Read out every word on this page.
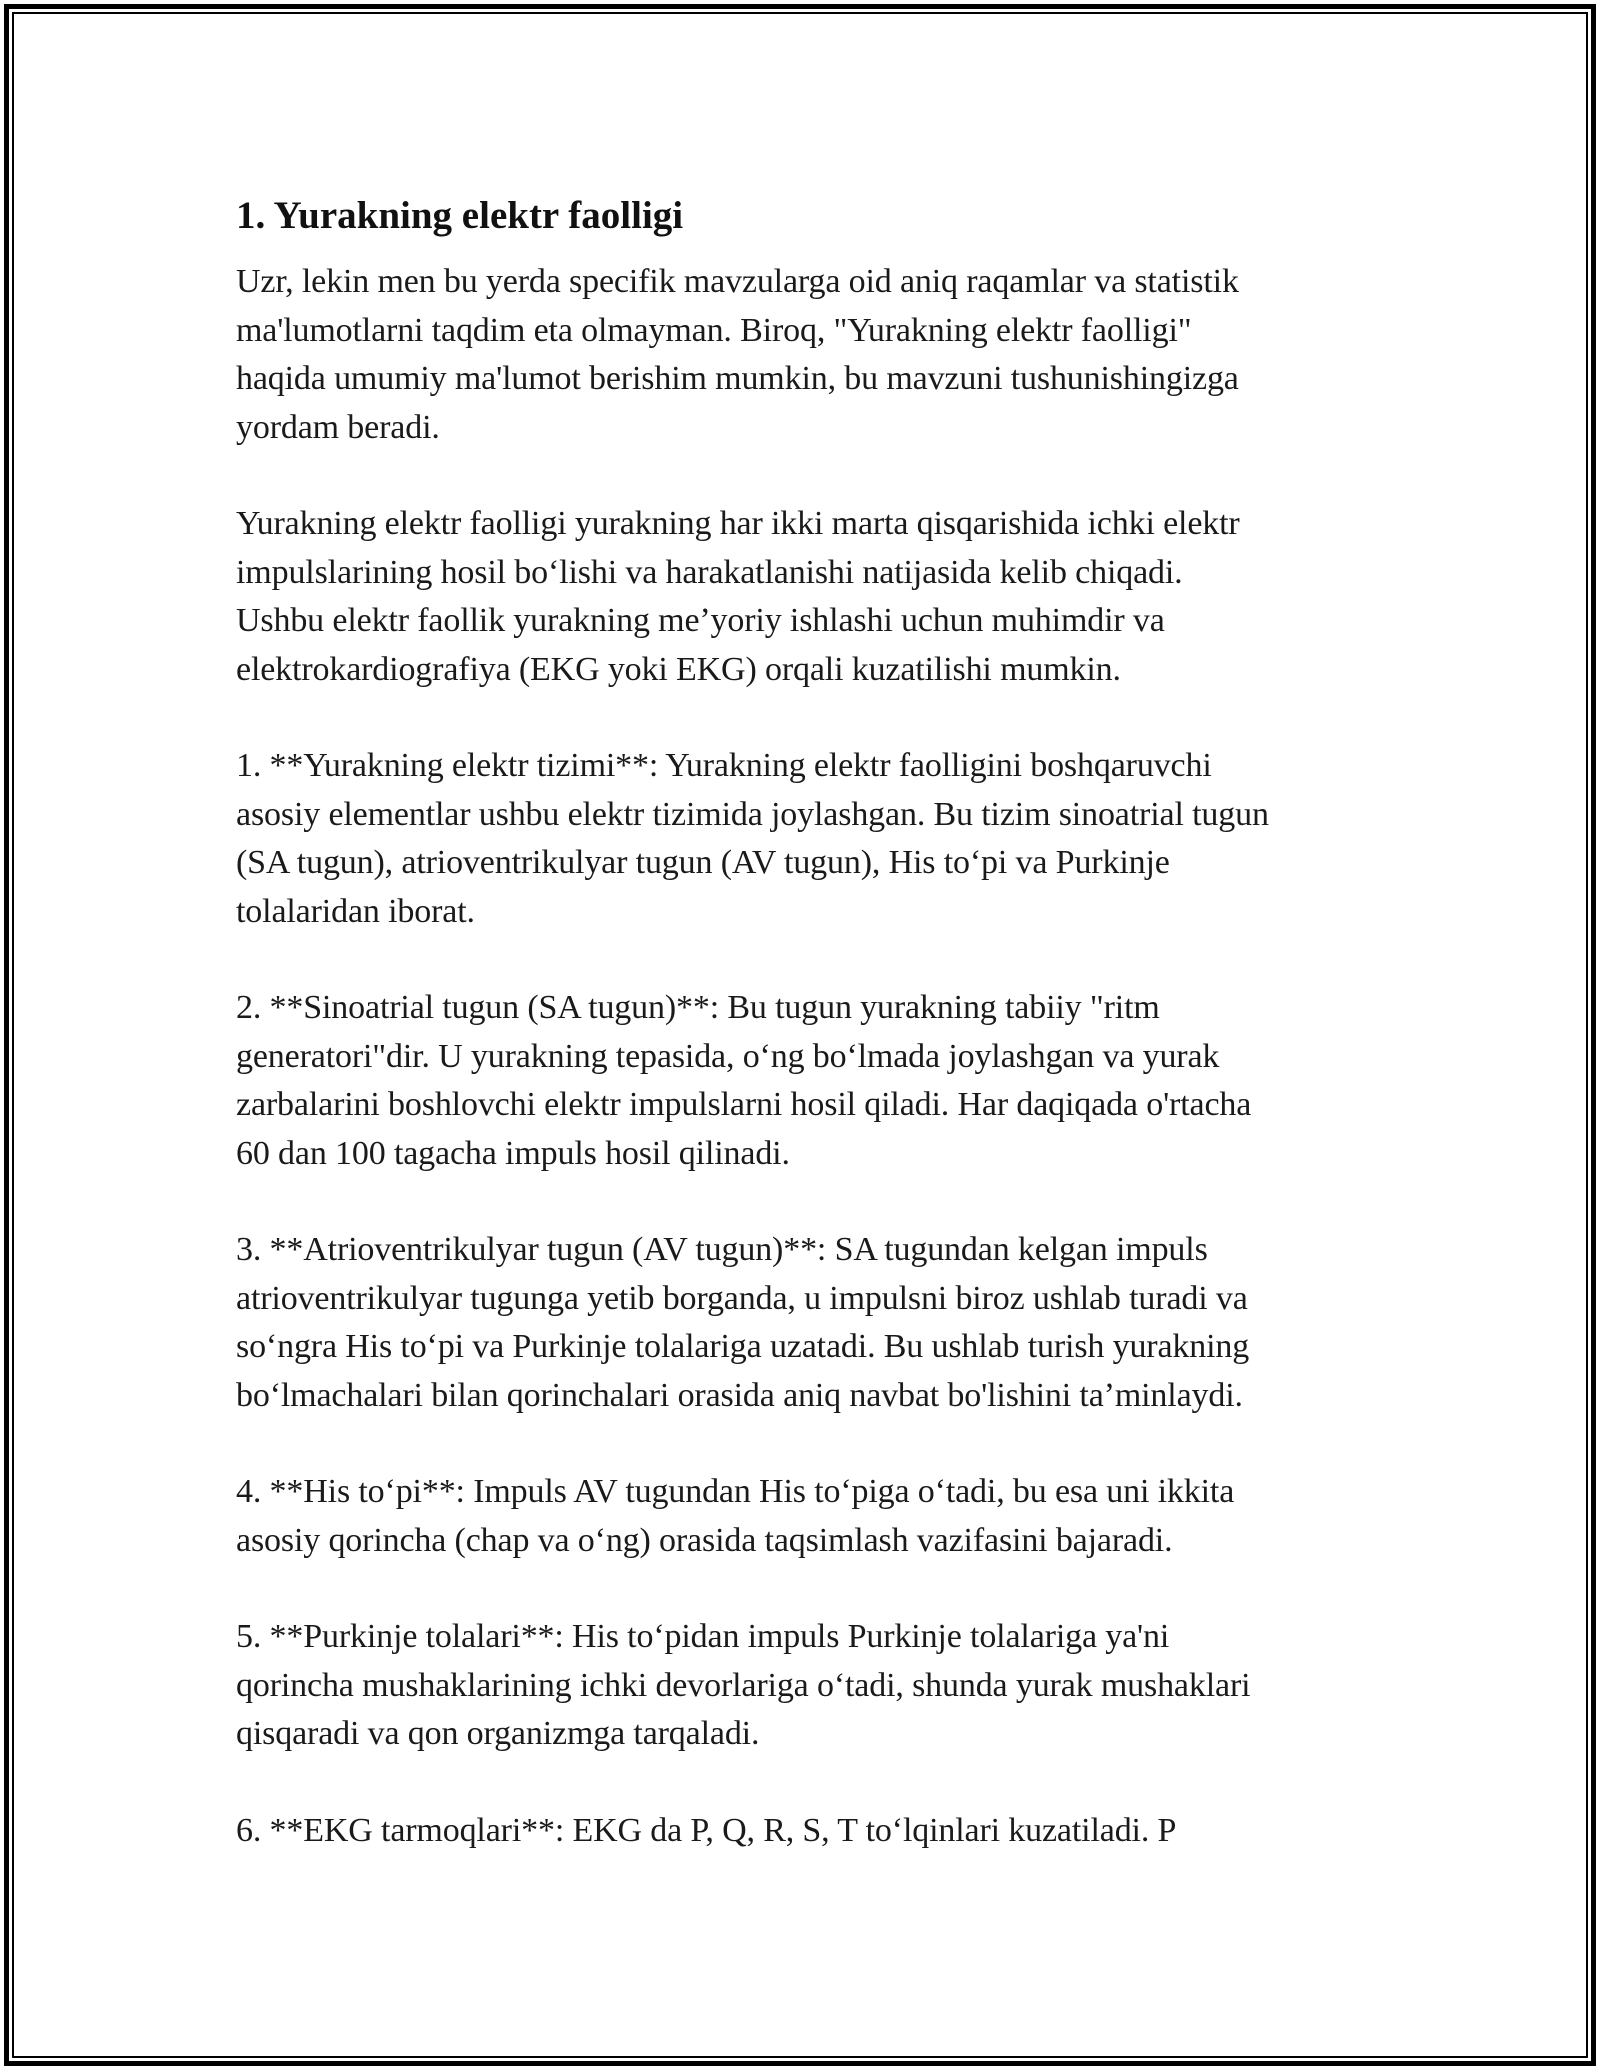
1. Yurakning elektr faolligi
Uzr, lekin men bu yerda specifik mavzularga oid aniq raqamlar va statistik
ma'lumotlarni taqdim eta olmayman. Biroq, "Yurakning elektr faolligi"
haqida umumiy ma'lumot berishim mumkin, bu mavzuni tushunishingizga
yordam beradi.
Yurakning elektr faolligi yurakning har ikki marta qisqarishida ichki elektr
impulslarining hosil boʻlishi va harakatlanishi natijasida kelib chiqadi.
Ushbu elektr faollik yurakning meʼyoriy ishlashi uchun muhimdir va
elektrokardiografiya (EKG yoki EKG) orqali kuzatilishi mumkin.
1. **Yurakning elektr tizimi**: Yurakning elektr faolligini boshqaruvchi
asosiy elementlar ushbu elektr tizimida joylashgan. Bu tizim sinoatrial tugun
(SA tugun), atrioventrikulyar tugun (AV tugun), His toʻpi va Purkinje
tolalaridan iborat.
2. **Sinoatrial tugun (SA tugun)**: Bu tugun yurakning tabiiy "ritm
generatori"dir. U yurakning tepasida, oʻng boʻlmada joylashgan va yurak
zarbalarini boshlovchi elektr impulslarni hosil qiladi. Har daqiqada o'rtacha
60 dan 100 tagacha impuls hosil qilinadi.
3. **Atrioventrikulyar tugun (AV tugun)**: SA tugundan kelgan impuls
atrioventrikulyar tugunga yetib borganda, u impulsni biroz ushlab turadi va
soʻngra His toʻpi va Purkinje tolalariga uzatadi. Bu ushlab turish yurakning
boʻlmachalari bilan qorinchalari orasida aniq navbat bo'lishini taʼminlaydi.
4. **His toʻpi**: Impuls AV tugundan His toʻpiga oʻtadi, bu esa uni ikkita
asosiy qorincha (chap va oʻng) orasida taqsimlash vazifasini bajaradi.
5. **Purkinje tolalari**: His toʻpidan impuls Purkinje tolalariga ya'ni
qorincha mushaklarining ichki devorlariga oʻtadi, shunda yurak mushaklari
qisqaradi va qon organizmga tarqaladi.
6. **EKG tarmoqlari**: EKG da P, Q, R, S, T toʻlqinlari kuzatiladi. P
